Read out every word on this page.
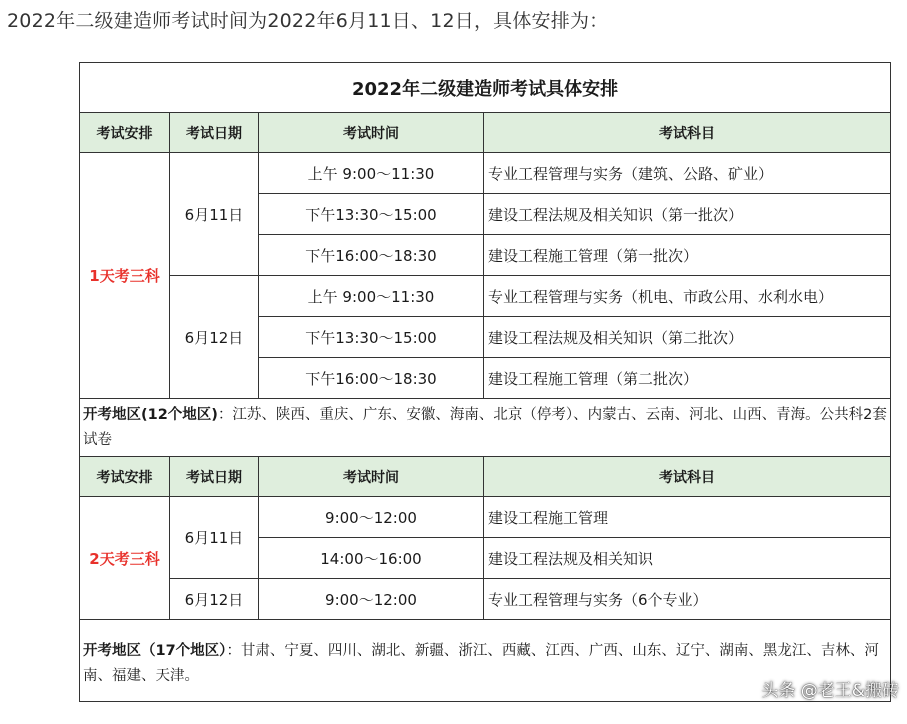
2022年二级建造师考试时间为2022年6月11日、12日，具体安排为：
2022年二级建造师考试具体安排			
考试安排	考试日期	考试时间	考试科目
1天考三科	6月11日	上午 9:00～11:30	专业工程管理与实务（建筑、公路、矿业）
		下午13:30～15:00	建设工程法规及相关知识（第一批次）
		下午16:00～18:30	建设工程施工管理（第一批次）
	6月12日	上午 9:00～11:30	专业工程管理与实务（机电、市政公用、水利水电）
		下午13:30～15:00	建设工程法规及相关知识（第二批次）
		下午16:00～18:30	建设工程施工管理（第二批次）
开考地区(12个地区)：江苏、陕西、重庆、广东、安徽、海南、北京（停考）、内蒙古、云南、河北、山西、青海。公共科2套试卷			
考试安排	考试日期	考试时间	考试科目
2天考三科	6月11日	9:00～12:00	建设工程施工管理
		14:00～16:00	建设工程法规及相关知识
	6月12日	9:00～12:00	专业工程管理与实务（6个专业）
开考地区（17个地区）：甘肃、宁夏、四川、湖北、新疆、浙江、西藏、江西、广西、山东、辽宁、湖南、黑龙江、吉林、河南、福建、天津。			
头条 @老王&搬砖
